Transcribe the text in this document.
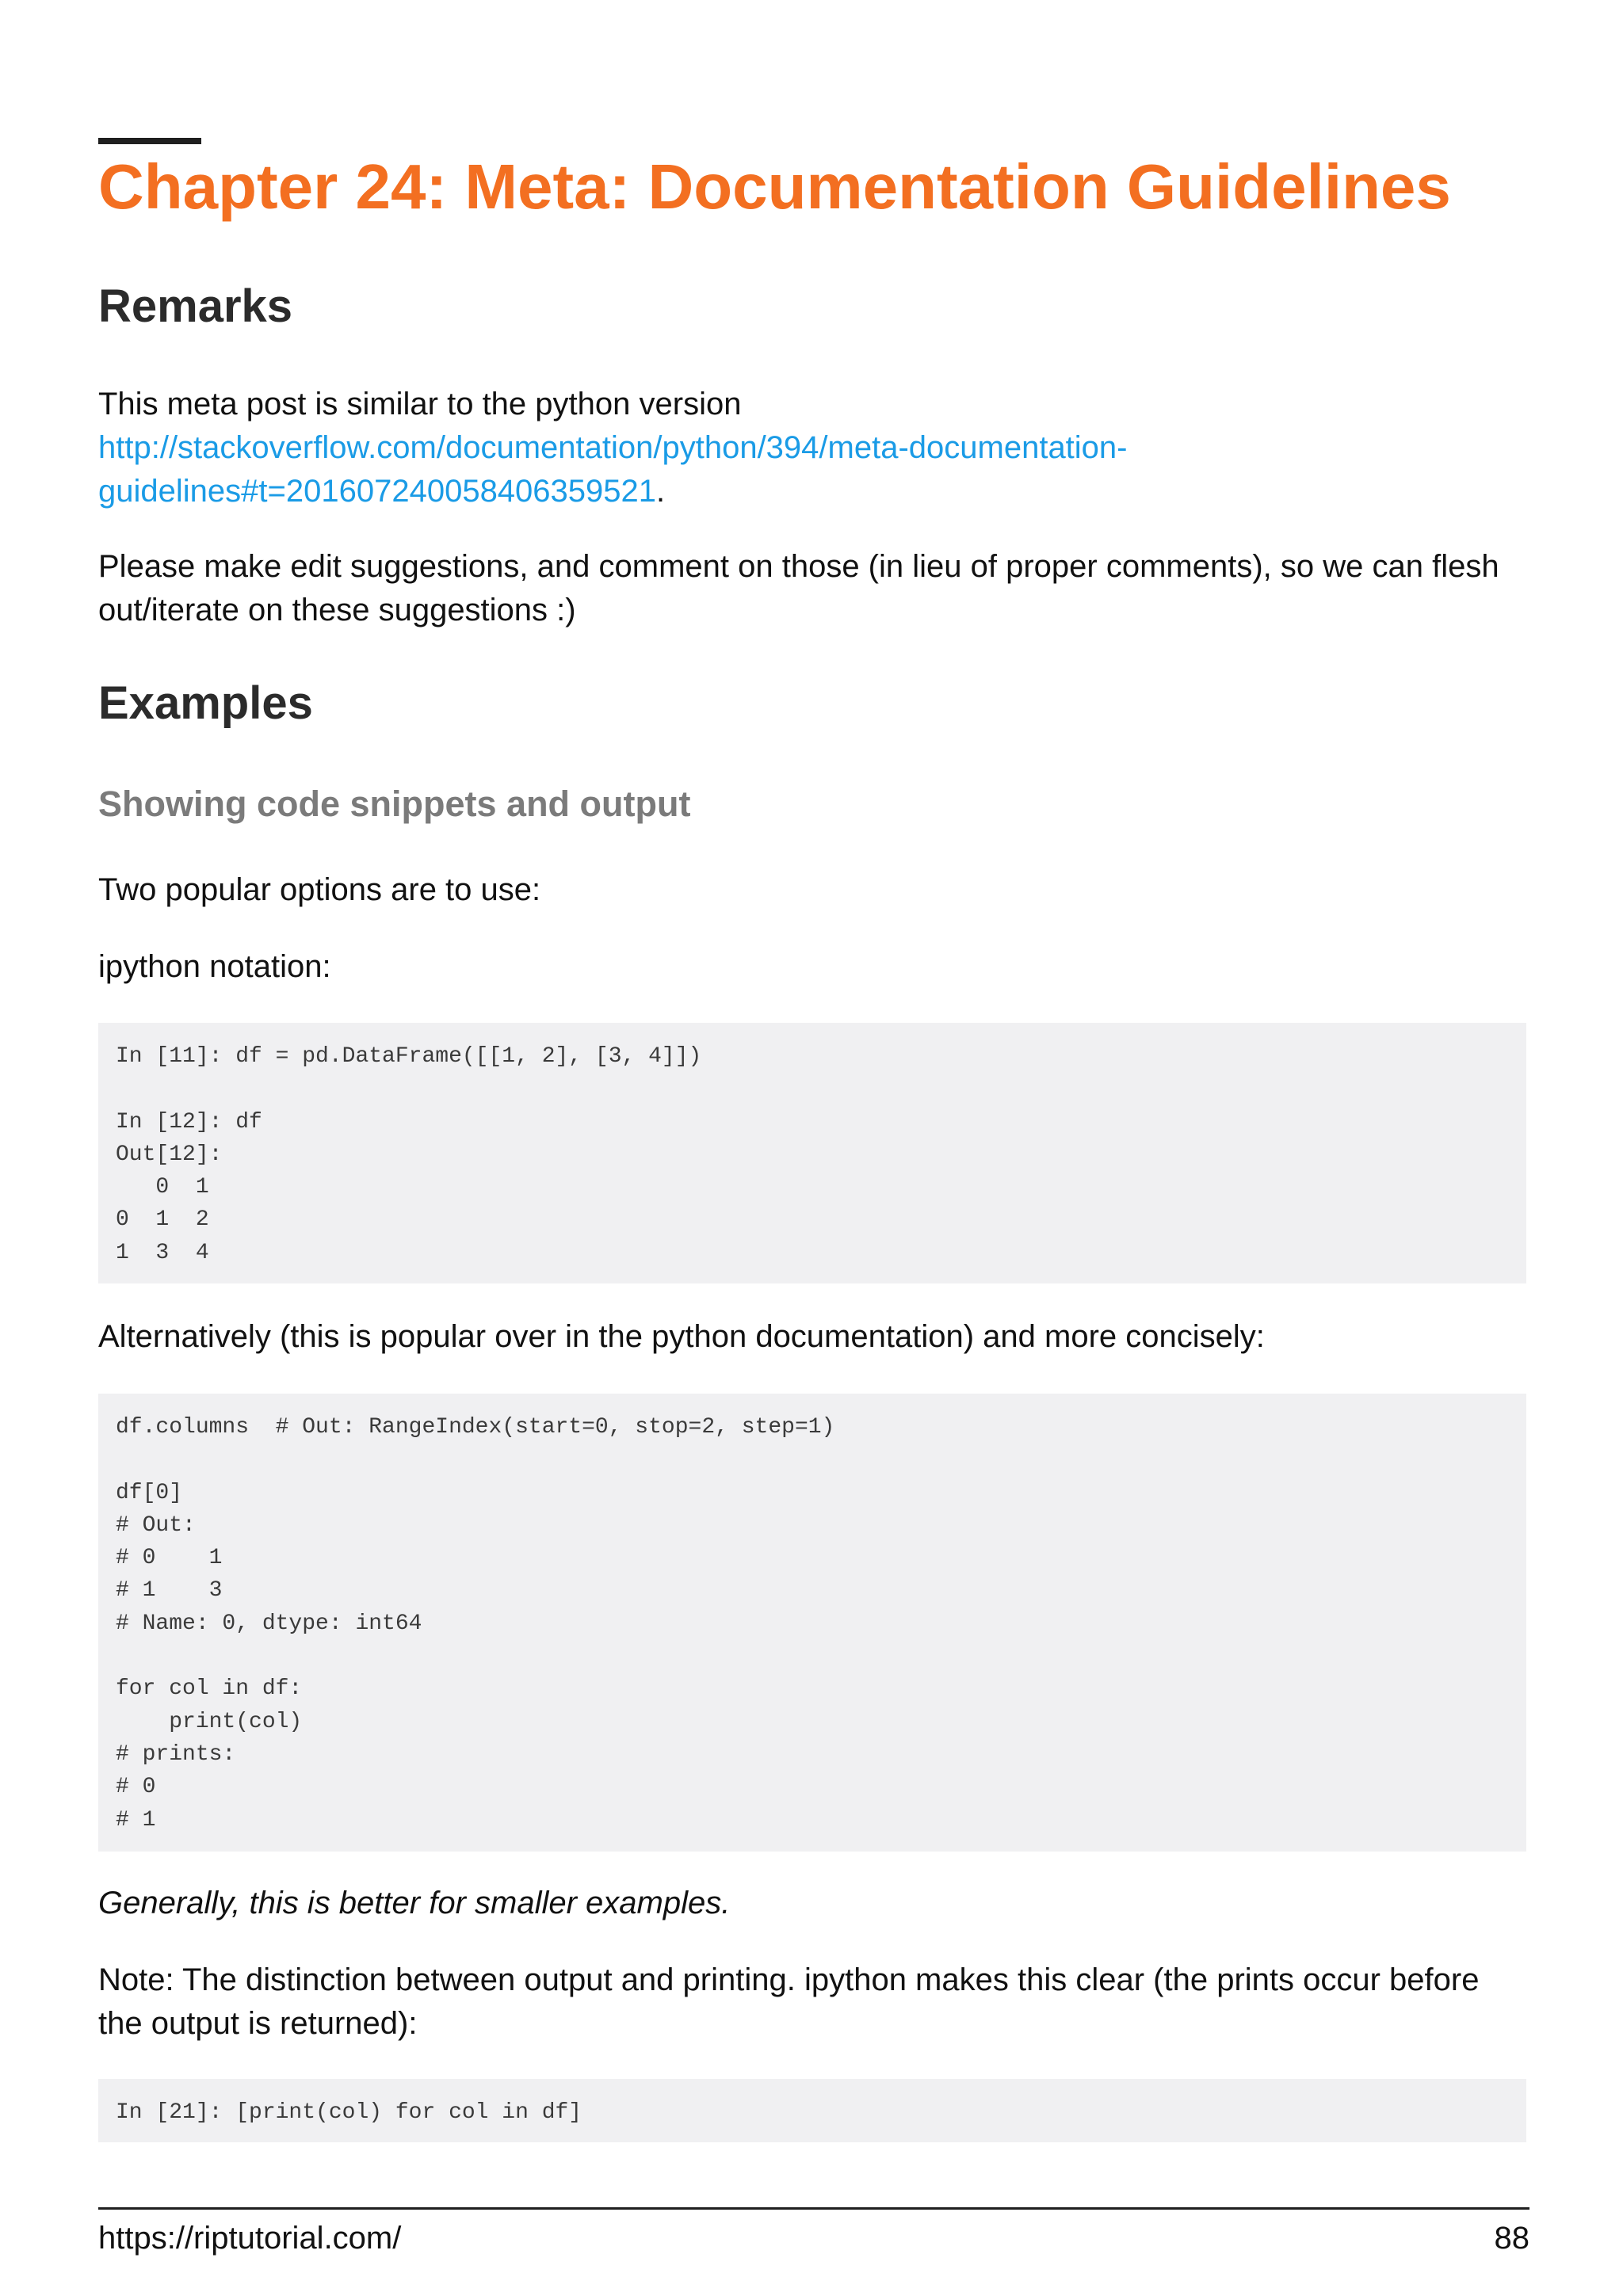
Chapter 24: Meta: Documentation Guidelines
Remarks

This meta post is similar to the python version
http://stackoverflow.com/documentation/python/394/meta-documentation-
guidelines#t=201607240058406359521.

Please make edit suggestions, and comment on those (in lieu of proper comments), so we can flesh out/iterate on these suggestions :)

Examples
Showing code snippets and output

Two popular options are to use:

ipython notation:

In [11]: df = pd.DataFrame([[1, 2], [3, 4]])
In [12]: df
Out[12]:
0  1
0  1  2
1  3  4

Alternatively (this is popular over in the python documentation) and more concisely:

df.columns  # Out: RangeIndex(start=0, stop=2, step=1)
df[0]
# Out:
# 0    1
# 1    3
# Name: 0, dtype: int64
for col in df:
print(col)
# prints:
# 0
# 1

Generally, this is better for smaller examples.

Note: The distinction between output and printing. ipython makes this clear (the prints occur before the output is returned):

In [21]: [print(col) for col in df]
https://riptutorial.com/	88
